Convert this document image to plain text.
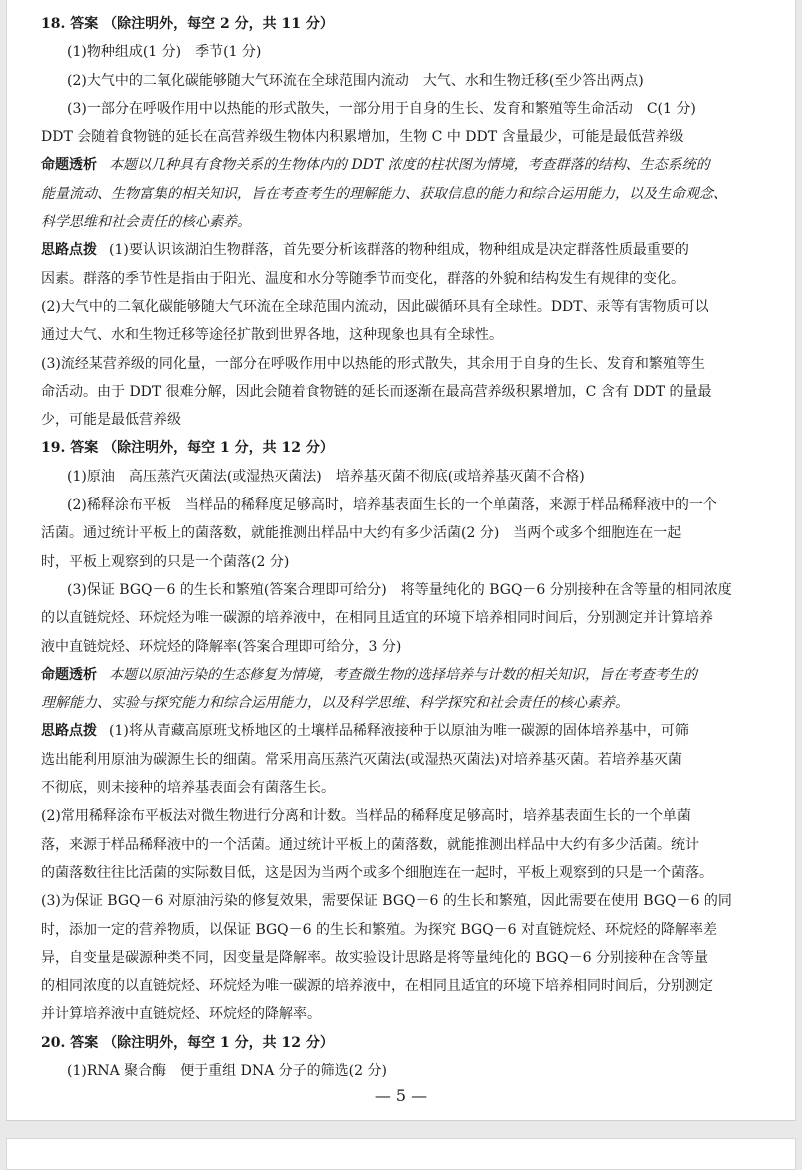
18. 答案 （除注明外，每空 2 分，共 11 分）
(1)物种组成(1 分)　季节(1 分)
(2)大气中的二氧化碳能够随大气环流在全球范围内流动　大气、水和生物迁移(至少答出两点)
(3)一部分在呼吸作用中以热能的形式散失，一部分用于自身的生长、发育和繁殖等生命活动　C(1 分)
DDT 会随着食物链的延长在高营养级生物体内积累增加，生物 C 中 DDT 含量最少，可能是最低营养级
命题透析 本题以几种具有食物关系的生物体内的 DDT 浓度的柱状图为情境，考查群落的结构、生态系统的
能量流动、生物富集的相关知识，旨在考查考生的理解能力、获取信息的能力和综合运用能力，以及生命观念、
科学思维和社会责任的核心素养。
思路点拨 (1)要认识该湖泊生物群落，首先要分析该群落的物种组成，物种组成是决定群落性质最重要的
因素。群落的季节性是指由于阳光、温度和水分等随季节而变化，群落的外貌和结构发生有规律的变化。
(2)大气中的二氧化碳能够随大气环流在全球范围内流动，因此碳循环具有全球性。DDT、汞等有害物质可以
通过大气、水和生物迁移等途径扩散到世界各地，这种现象也具有全球性。
(3)流经某营养级的同化量，一部分在呼吸作用中以热能的形式散失，其余用于自身的生长、发育和繁殖等生
命活动。由于 DDT 很难分解，因此会随着食物链的延长而逐渐在最高营养级积累增加，C 含有 DDT 的量最
少，可能是最低营养级
19. 答案 （除注明外，每空 1 分，共 12 分）
(1)原油　高压蒸汽灭菌法(或湿热灭菌法)　培养基灭菌不彻底(或培养基灭菌不合格)
(2)稀释涂布平板　当样品的稀释度足够高时，培养基表面生长的一个单菌落，来源于样品稀释液中的一个
活菌。通过统计平板上的菌落数，就能推测出样品中大约有多少活菌(2 分)　当两个或多个细胞连在一起
时，平板上观察到的只是一个菌落(2 分)
(3)保证 BGQ－6 的生长和繁殖(答案合理即可给分)　将等量纯化的 BGQ－6 分别接种在含等量的相同浓度
的以直链烷烃、环烷烃为唯一碳源的培养液中，在相同且适宜的环境下培养相同时间后，分别测定并计算培养
液中直链烷烃、环烷烃的降解率(答案合理即可给分，3 分)
命题透析 本题以原油污染的生态修复为情境，考查微生物的选择培养与计数的相关知识，旨在考查考生的
理解能力、实验与探究能力和综合运用能力，以及科学思维、科学探究和社会责任的核心素养。
思路点拨 (1)将从青藏高原班戈桥地区的土壤样品稀释液接种于以原油为唯一碳源的固体培养基中，可筛
选出能利用原油为碳源生长的细菌。常采用高压蒸汽灭菌法(或湿热灭菌法)对培养基灭菌。若培养基灭菌
不彻底，则未接种的培养基表面会有菌落生长。
(2)常用稀释涂布平板法对微生物进行分离和计数。当样品的稀释度足够高时，培养基表面生长的一个单菌
落，来源于样品稀释液中的一个活菌。通过统计平板上的菌落数，就能推测出样品中大约有多少活菌。统计
的菌落数往往比活菌的实际数目低，这是因为当两个或多个细胞连在一起时，平板上观察到的只是一个菌落。
(3)为保证 BGQ－6 对原油污染的修复效果，需要保证 BGQ－6 的生长和繁殖，因此需要在使用 BGQ－6 的同
时，添加一定的营养物质，以保证 BGQ－6 的生长和繁殖。为探究 BGQ－6 对直链烷烃、环烷烃的降解率差
异，自变量是碳源种类不同，因变量是降解率。故实验设计思路是将等量纯化的 BGQ－6 分别接种在含等量
的相同浓度的以直链烷烃、环烷烃为唯一碳源的培养液中，在相同且适宜的环境下培养相同时间后，分别测定
并计算培养液中直链烷烃、环烷烃的降解率。
20. 答案 （除注明外，每空 1 分，共 12 分）
(1)RNA 聚合酶　便于重组 DNA 分子的筛选(2 分)
— 5 —
